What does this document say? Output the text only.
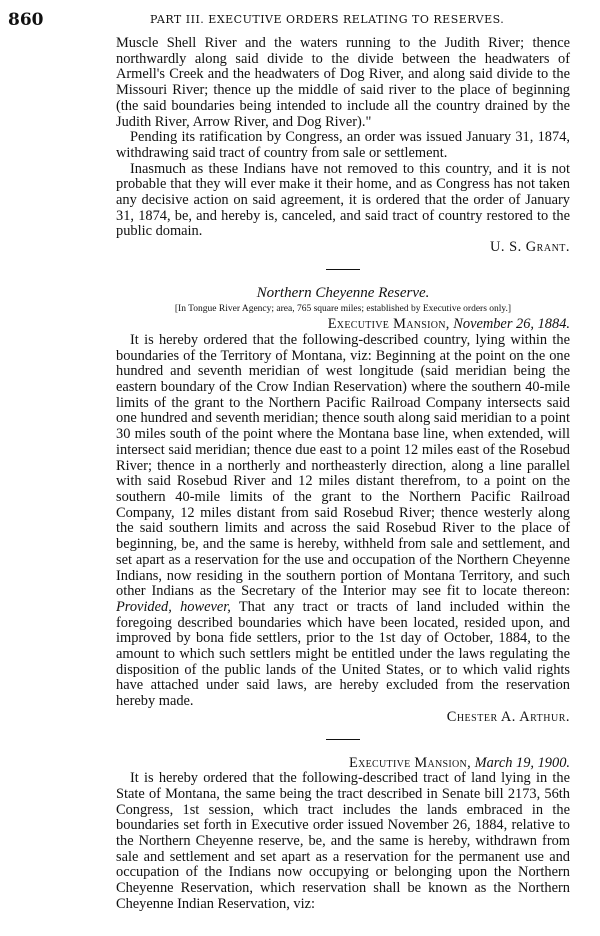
860	PART III. EXECUTIVE ORDERS RELATING TO RESERVES.

Muscle Shell River and the waters running to the Judith River; thence northwardly along said divide to the divide between the headwaters of Armell's Creek and the headwaters of Dog River, and along said divide to the Missouri River; thence up the middle of said river to the place of beginning (the said boundaries being intended to include all the country drained by the Judith River, Arrow River, and Dog River)."

Pending its ratification by Congress, an order was issued January 31, 1874, withdrawing said tract of country from sale or settlement.

Inasmuch as these Indians have not removed to this country, and it is not probable that they will ever make it their home, and as Congress has not taken any decisive action on said agreement, it is ordered that the order of January 31, 1874, be, and hereby is, canceled, and said tract of country restored to the public domain.

U. S. Grant.

Northern Cheyenne Reserve.

[In Tongue River Agency; area, 765 square miles; established by Executive orders only.]

Executive Mansion, November 26, 1884.

It is hereby ordered that the following-described country, lying within the boundaries of the Territory of Montana, viz: Beginning at the point on the one hundred and seventh meridian of west longitude (said meridian being the eastern boundary of the Crow Indian Reservation) where the southern 40-mile limits of the grant to the Northern Pacific Railroad Company intersects said one hundred and seventh meridian; thence south along said meridian to a point 30 miles south of the point where the Montana base line, when extended, will intersect said meridian; thence due east to a point 12 miles east of the Rosebud River; thence in a northerly and northeasterly direction, along a line parallel with said Rosebud River and 12 miles distant therefrom, to a point on the southern 40-mile limits of the grant to the Northern Pacific Railroad Company, 12 miles distant from said Rosebud River; thence westerly along the said southern limits and across the said Rosebud River to the place of beginning, be, and the same is hereby, withheld from sale and settlement, and set apart as a reservation for the use and occupation of the Northern Cheyenne Indians, now residing in the southern portion of Montana Territory, and such other Indians as the Secretary of the Interior may see fit to locate thereon: Provided, however, That any tract or tracts of land included within the foregoing described boundaries which have been located, resided upon, and improved by bona fide settlers, prior to the 1st day of October, 1884, to the amount to which such settlers might be entitled under the laws regulating the disposition of the public lands of the United States, or to which valid rights have attached under said laws, are hereby excluded from the reservation hereby made.

Chester A. Arthur.

Executive Mansion, March 19, 1900.

It is hereby ordered that the following-described tract of land lying in the State of Montana, the same being the tract described in Senate bill 2173, 56th Congress, 1st session, which tract includes the lands embraced in the boundaries set forth in Executive order issued November 26, 1884, relative to the Northern Cheyenne reserve, be, and the same is hereby, withdrawn from sale and settlement and set apart as a reservation for the permanent use and occupation of the Indians now occupying or belonging upon the Northern Cheyenne Reservation, which reservation shall be known as the Northern Cheyenne Indian Reservation, viz:
